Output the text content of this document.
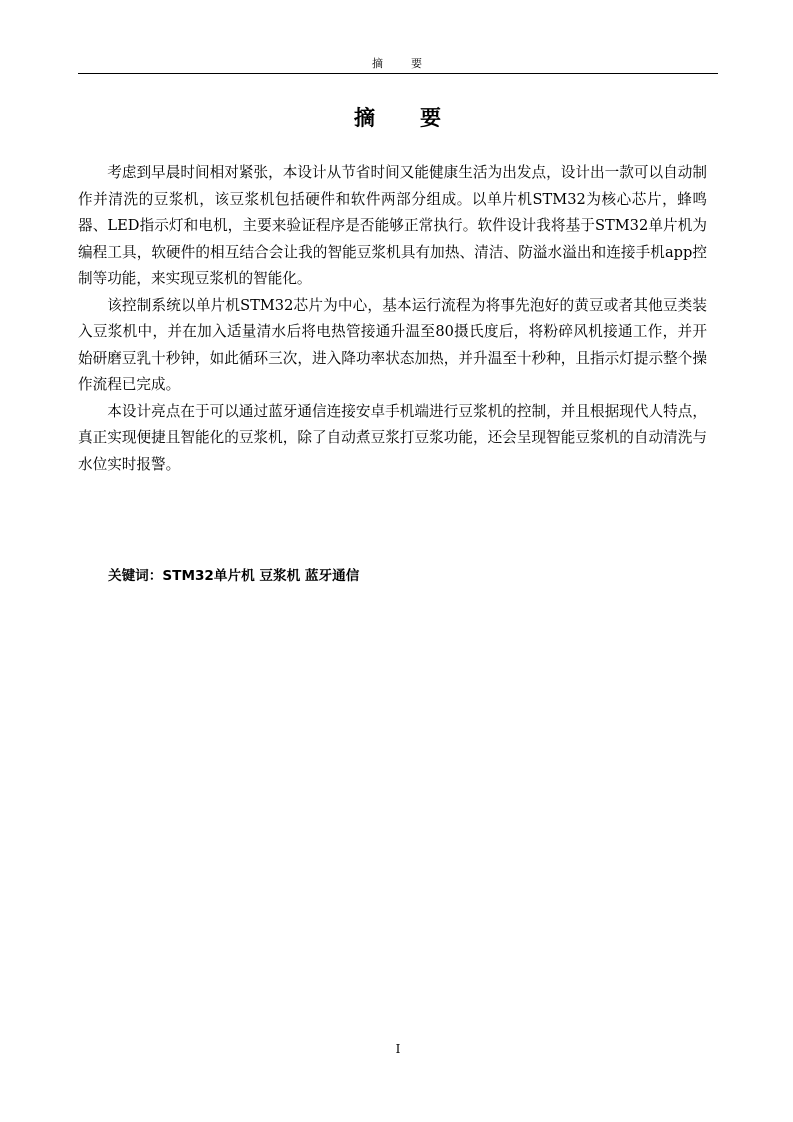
摘　　要
摘　　要

考虑到早晨时间相对紧张，本设计从节省时间又能健康生活为出发点，设计出一款可以自动制作并清洗的豆浆机，该豆浆机包括硬件和软件两部分组成。以单片机STM32为核心芯片，蜂鸣器、LED指示灯和电机，主要来验证程序是否能够正常执行。软件设计我将基于STM32单片机为编程工具，软硬件的相互结合会让我的智能豆浆机具有加热、清洁、防溢水溢出和连接手机app控制等功能，来实现豆浆机的智能化。

该控制系统以单片机STM32芯片为中心，基本运行流程为将事先泡好的黄豆或者其他豆类装入豆浆机中，并在加入适量清水后将电热管接通升温至80摄氏度后，将粉碎风机接通工作，并开始研磨豆乳十秒钟，如此循环三次，进入降功率状态加热，并升温至十秒种，且指示灯提示整个操作流程已完成。

本设计亮点在于可以通过蓝牙通信连接安卓手机端进行豆浆机的控制，并且根据现代人特点，真正实现便捷且智能化的豆浆机，除了自动煮豆浆打豆浆功能，还会呈现智能豆浆机的自动清洗与水位实时报警。

关键词：STM32单片机 豆浆机 蓝牙通信

I
